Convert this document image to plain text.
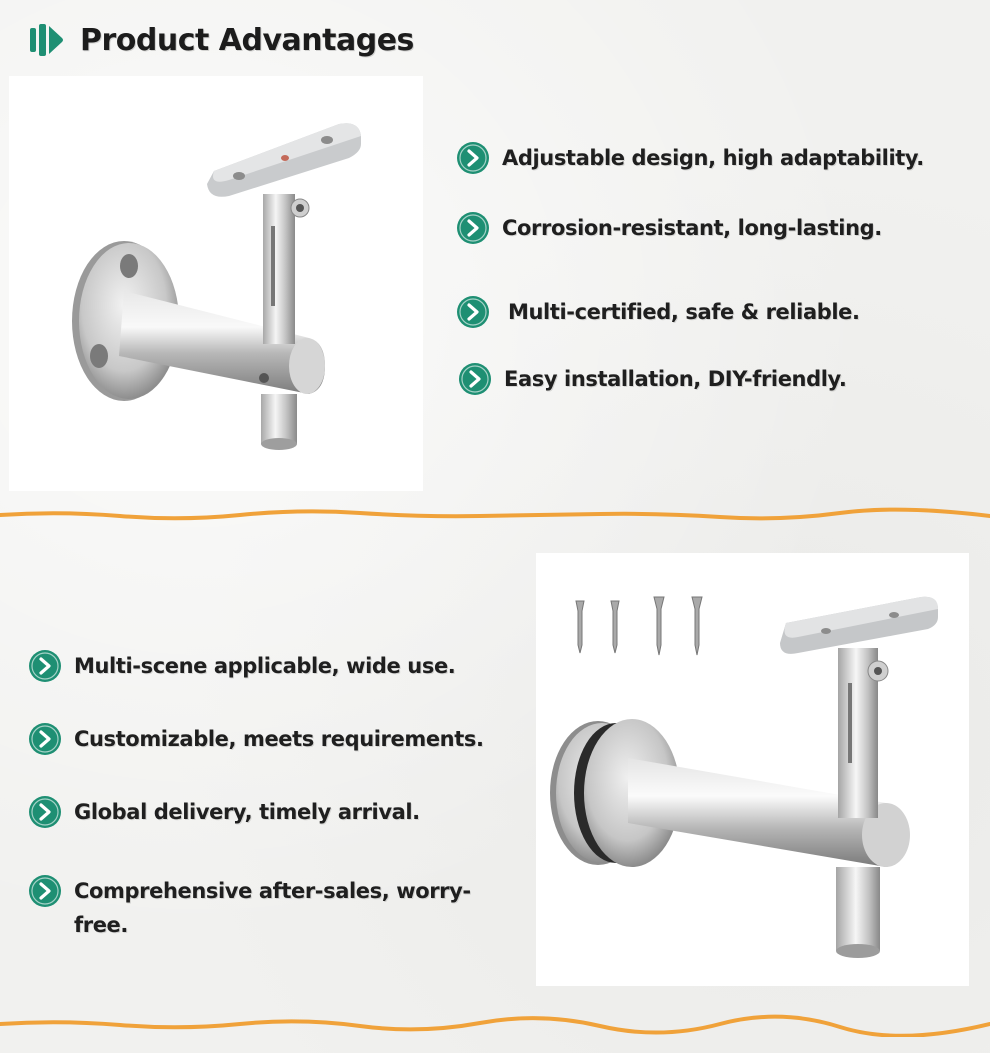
Product Advantages
Adjustable design, high adaptability.
Corrosion-resistant, long-lasting.
Multi-certified, safe & reliable.
Easy installation, DIY-friendly.
Multi-scene applicable, wide use.
Customizable, meets requirements.
Global delivery, timely arrival.
Comprehensive after-sales, worry-free.
